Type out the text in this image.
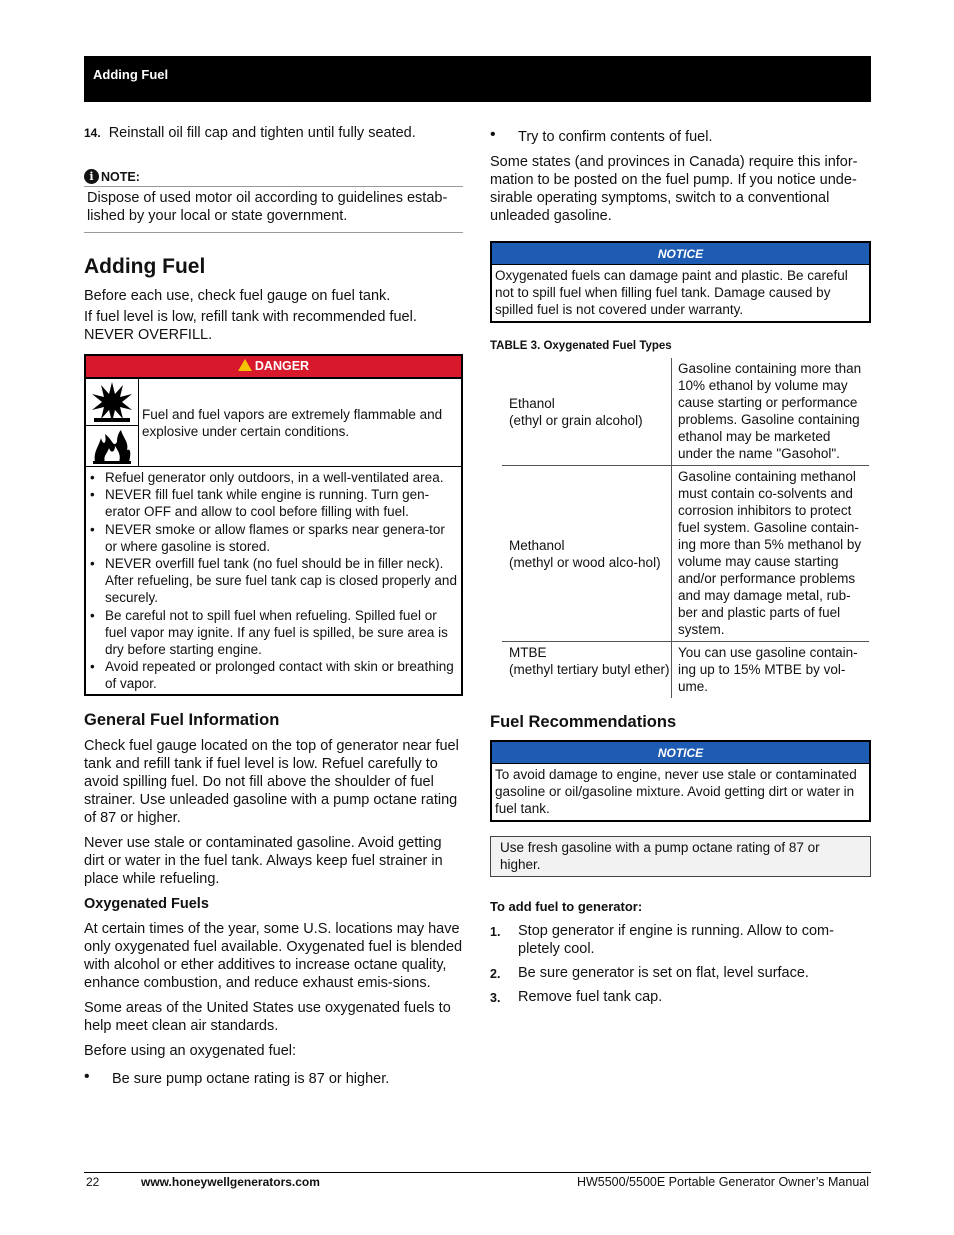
Adding Fuel

14. Reinstall oil fill cap and tighten until fully seated.

i NOTE:

Dispose of used motor oil according to guidelines estab-lished by your local or state government.

Adding Fuel

Before each use, check fuel gauge on fuel tank.

If fuel level is low, refill tank with recommended fuel. NEVER OVERFILL.

DANGER
Fuel and fuel vapors are extremely flammable and explosive under certain conditions.
• Refuel generator only outdoors, in a well-ventilated area.
• NEVER fill fuel tank while engine is running. Turn gen-erator OFF and allow to cool before filling with fuel.
• NEVER smoke or allow flames or sparks near genera-tor or where gasoline is stored.
• NEVER overfill fuel tank (no fuel should be in filler neck). After refueling, be sure fuel tank cap is closed properly and securely.
• Be careful not to spill fuel when refueling. Spilled fuel or fuel vapor may ignite. If any fuel is spilled, be sure area is dry before starting engine.
• Avoid repeated or prolonged contact with skin or breathing of vapor.
General Fuel Information

Check fuel gauge located on the top of generator near fuel tank and refill tank if fuel level is low. Refuel carefully to avoid spilling fuel. Do not fill above the shoulder of fuel strainer. Use unleaded gasoline with a pump octane rating of 87 or higher.

Never use stale or contaminated gasoline. Avoid getting dirt or water in the fuel tank. Always keep fuel strainer in place while refueling.

Oxygenated Fuels

At certain times of the year, some U.S. locations may have only oxygenated fuel available. Oxygenated fuel is blended with alcohol or ether additives to increase octane quality, enhance combustion, and reduce exhaust emis-sions.

Some areas of the United States use oxygenated fuels to help meet clean air standards.

Before using an oxygenated fuel:

• Be sure pump octane rating is 87 or higher.
• Try to confirm contents of fuel.

Some states (and provinces in Canada) require this infor-mation to be posted on the fuel pump. If you notice unde-sirable operating symptoms, switch to a conventional unleaded gasoline.

NOTICE
Oxygenated fuels can damage paint and plastic. Be careful not to spill fuel when filling fuel tank. Damage caused by spilled fuel is not covered under warranty.
TABLE 3. Oxygenated Fuel Types
Ethanol
(ethyl or grain alcohol)	Gasoline containing more than 10% ethanol by volume may cause starting or performance problems. Gasoline containing ethanol may be marketed under the name "Gasohol".

Methanol
(methyl or wood alco-hol)	Gasoline containing methanol must contain co-solvents and corrosion inhibitors to protect fuel system. Gasoline contain-ing more than 5% methanol by volume may cause starting and/or performance problems and may damage metal, rub-ber and plastic parts of fuel system.

MTBE
(methyl tertiary butyl ether)	You can use gasoline contain-ing up to 15% MTBE by vol-ume.
Fuel Recommendations
NOTICE
To avoid damage to engine, never use stale or contaminated gasoline or oil/gasoline mixture. Avoid getting dirt or water in fuel tank.
Use fresh gasoline with a pump octane rating of 87 or higher.
To add fuel to generator:
1. Stop generator if engine is running. Allow to com-pletely cool.
2. Be sure generator is set on flat, level surface.
3. Remove fuel tank cap.
22	www.honeywellgenerators.com	HW5500/5500E Portable Generator Owner’s Manual
